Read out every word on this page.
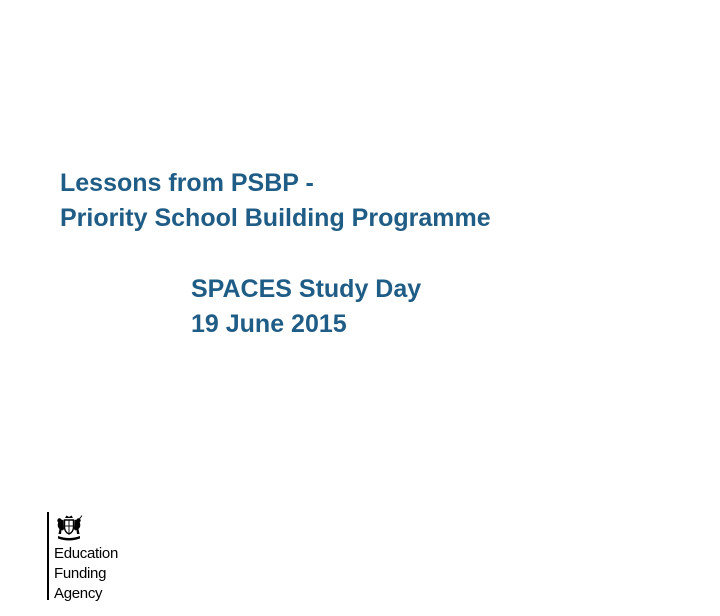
Lessons from PSBP -
Priority School Building Programme
SPACES Study Day
19 June 2015
Education
Funding
Agency
